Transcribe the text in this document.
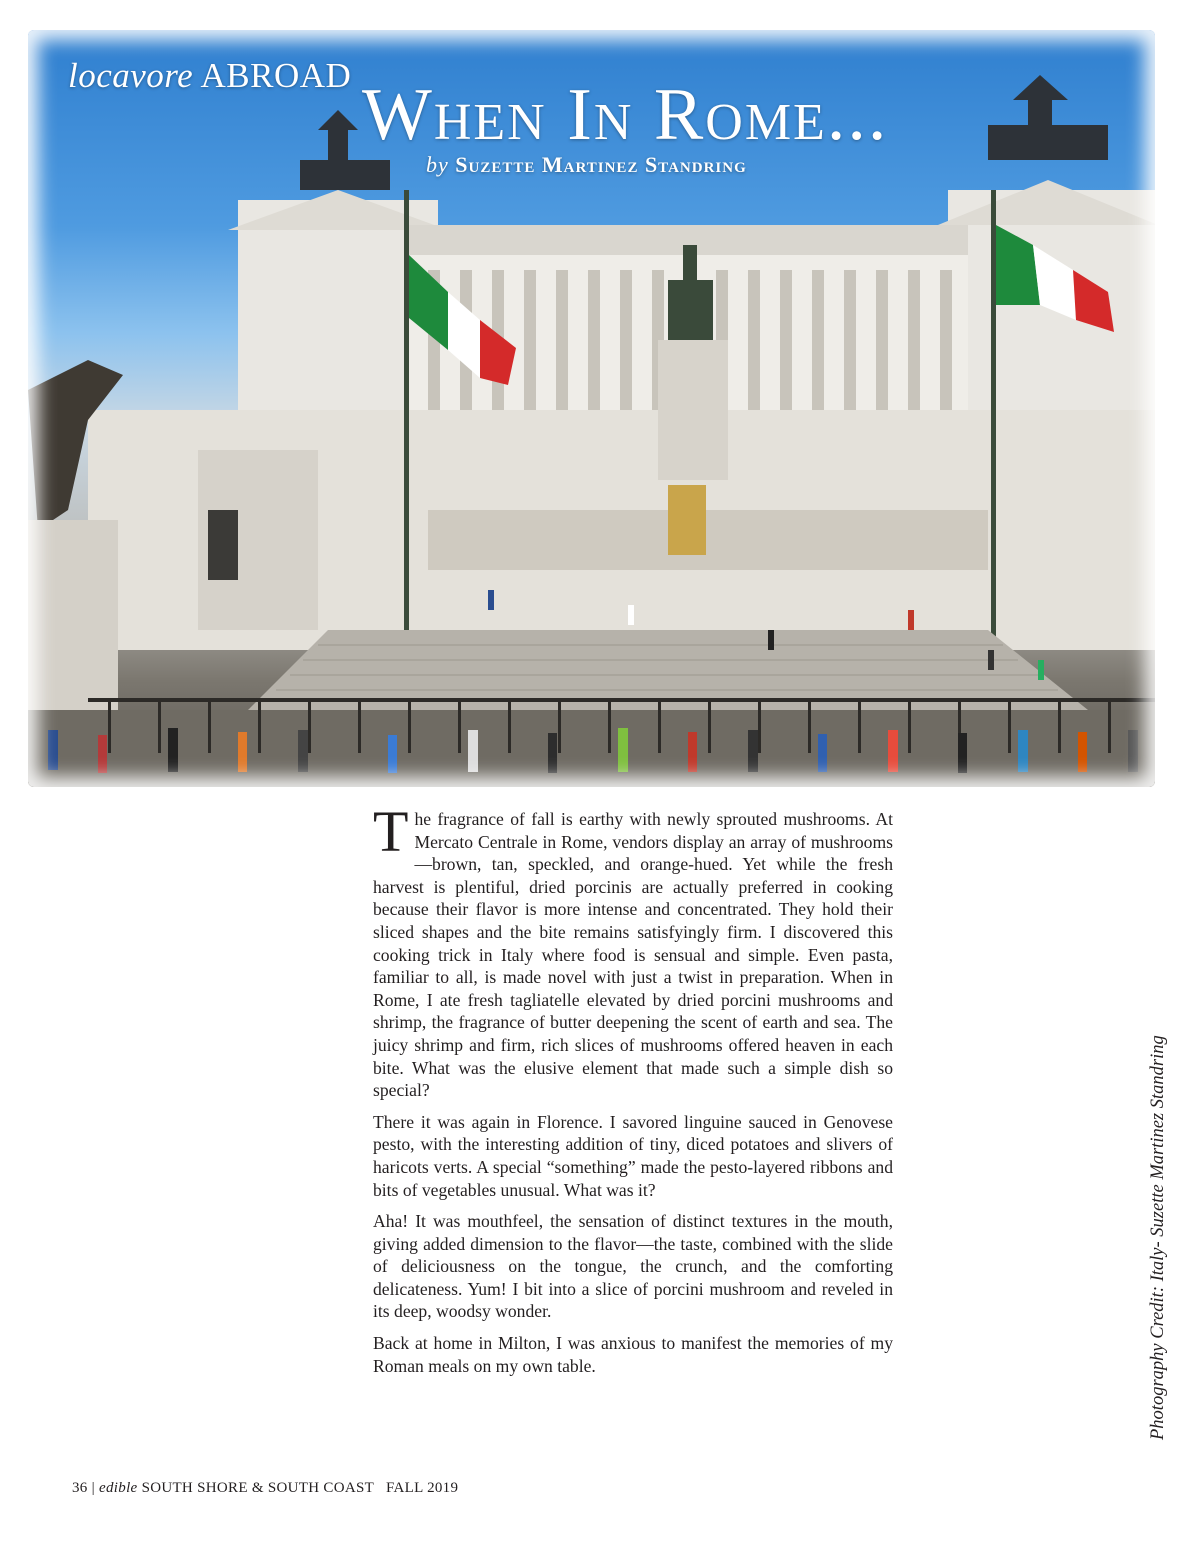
locavore ABROAD When In Rome...
by Suzette Martinez Standring

The fragrance of fall is earthy with newly sprouted mushrooms. At Mercato Centrale in Rome, vendors display an array of mushrooms—brown, tan, speckled, and orange-hued. Yet while the fresh harvest is plentiful, dried porcinis are actually preferred in cooking because their flavor is more intense and concentrated. They hold their sliced shapes and the bite remains satisfyingly firm. I discovered this cooking trick in Italy where food is sensual and simple. Even pasta, familiar to all, is made novel with just a twist in preparation. When in Rome, I ate fresh tagliatelle elevated by dried porcini mushrooms and shrimp, the fragrance of butter deepening the scent of earth and sea. The juicy shrimp and firm, rich slices of mushrooms offered heaven in each bite. What was the elusive element that made such a simple dish so special?

There it was again in Florence. I savored linguine sauced in Genovese pesto, with the interesting addition of tiny, diced potatoes and slivers of haricots verts. A special “something” made the pesto-layered ribbons and bits of vegetables unusual. What was it?

Aha! It was mouthfeel, the sensation of distinct textures in the mouth, giving added dimension to the flavor—the taste, combined with the slide of deliciousness on the tongue, the crunch, and the comforting delicateness. Yum! I bit into a slice of porcini mushroom and reveled in its deep, woodsy wonder.

Back at home in Milton, I was anxious to manifest the memories of my Roman meals on my own table.	Photography Credit: Italy- Suzette Martinez Standring
36 | edible SOUTH SHORE & SOUTH COAST FALL 2019
